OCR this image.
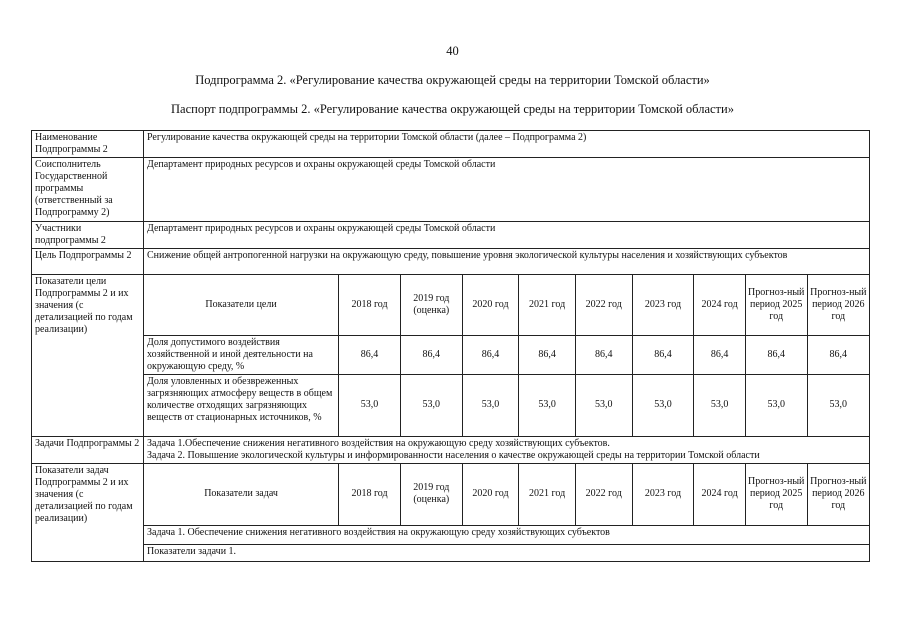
40
Подпрограмма 2. «Регулирование качества окружающей среды на территории Томской области»
Паспорт подпрограммы 2. «Регулирование качества окружающей среды на территории Томской области»
Наименование Подпрограммы 2	Регулирование качества окружающей среды на территории Томской области (далее – Подпрограмма 2)
Соисполнитель Государственной программы (ответственный за Подпрограмму 2)	Департамент природных ресурсов и охраны окружающей среды Томской области
Участники подпрограммы 2	Департамент природных ресурсов и охраны окружающей среды Томской области
Цель Подпрограммы 2	Снижение общей антропогенной нагрузки на окружающую среду, повышение уровня экологической культуры населения и хозяйствующих субъектов
Показатели цели Подпрограммы 2 и их значения (с детализацией по годам реализации)	
Показатели цели	2018 год	2019 год (оценка)	2020 год	2021 год	2022 год	2023 год	2024 год	Прогноз-ный период 2025 год	Прогноз-ный период 2026 год
Доля допустимого воздействия хозяйственной и иной деятельности на окружающую среду, %	86,4	86,4	86,4	86,4	86,4	86,4	86,4	86,4	86,4
Доля уловленных и обезвреженных загрязняющих атмосферу веществ в общем количестве отходящих загрязняющих веществ от стационарных источников, %	53,0	53,0	53,0	53,0	53,0	53,0	53,0	53,0	53,0

Задачи Подпрограммы 2	Задача 1.Обеспечение снижения негативного воздействия на окружающую среду хозяйствующих субъектов.
Задача 2. Повышение экологической культуры и информированности населения о качестве окружающей среды на территории Томской области

Показатели задач Подпрограммы 2 и их значения (с детализацией по годам реализации)	
Показатели задач	2018 год	2019 год (оценка)	2020 год	2021 год	2022 год	2023 год	2024 год	Прогноз-ный период 2025 год	Прогноз-ный период 2026 год
Задача 1. Обеспечение снижения негативного воздействия на окружающую среду хозяйствующих субъектов
Показатели задачи 1.
